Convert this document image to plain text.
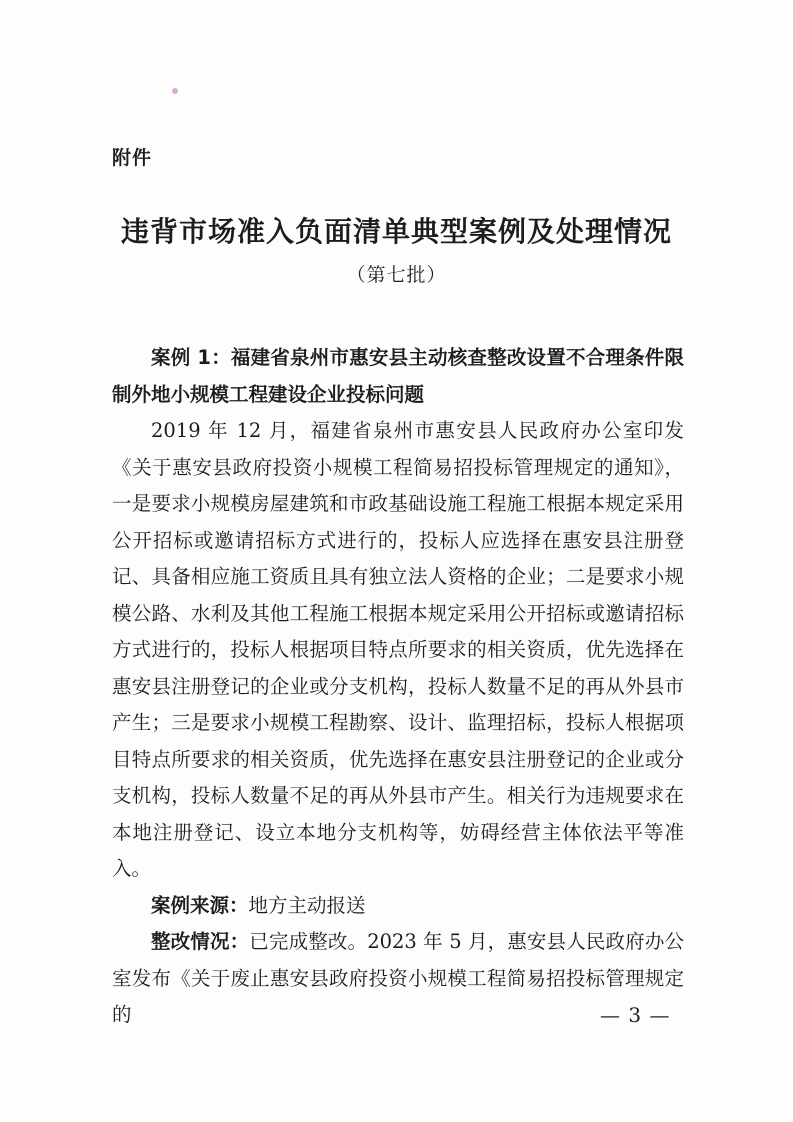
附件
违背市场准入负面清单典型案例及处理情况
（第七批）

案例 1：福建省泉州市惠安县主动核查整改设置不合理条件限制外地小规模工程建设企业投标问题

2019 年 12 月，福建省泉州市惠安县人民政府办公室印发《关于惠安县政府投资小规模工程简易招投标管理规定的通知》，一是要求小规模房屋建筑和市政基础设施工程施工根据本规定采用公开招标或邀请招标方式进行的，投标人应选择在惠安县注册登记、具备相应施工资质且具有独立法人资格的企业；二是要求小规模公路、水利及其他工程施工根据本规定采用公开招标或邀请招标方式进行的，投标人根据项目特点所要求的相关资质，优先选择在惠安县注册登记的企业或分支机构，投标人数量不足的再从外县市产生；三是要求小规模工程勘察、设计、监理招标，投标人根据项目特点所要求的相关资质，优先选择在惠安县注册登记的企业或分支机构，投标人数量不足的再从外县市产生。相关行为违规要求在本地注册登记、设立本地分支机构等，妨碍经营主体依法平等准入。

案例来源：地方主动报送

整改情况：已完成整改。2023 年 5 月，惠安县人民政府办公室发布《关于废止惠安县政府投资小规模工程简易招投标管理规定的	— 3 —
